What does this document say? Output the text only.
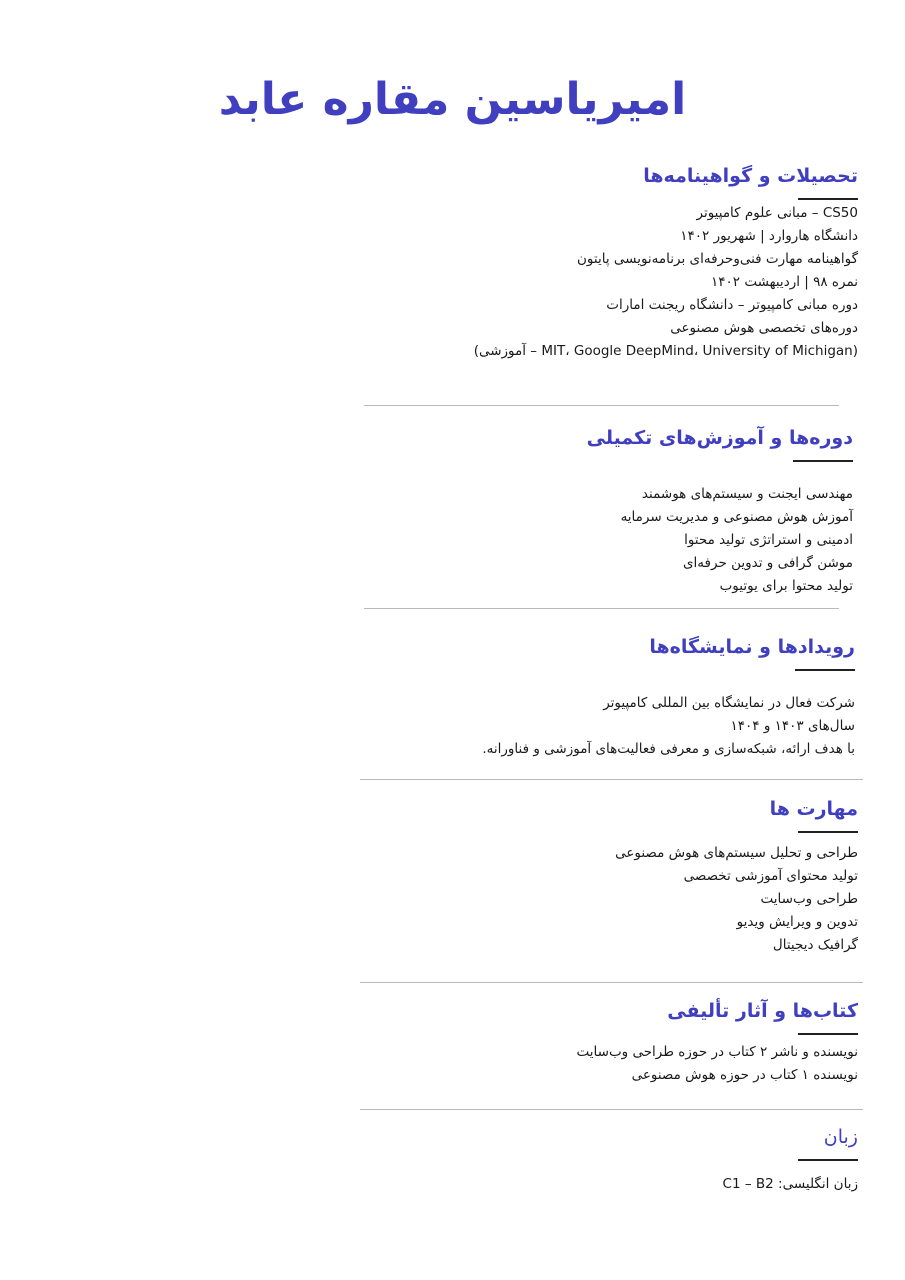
امیریاسین مقاره عابد
تحصیلات و گواهینامه‌ها
CS50 – مبانی علوم کامپیوتر
دانشگاه هاروارد | شهریور ۱۴۰۲
گواهینامه مهارت فنی‌وحرفه‌ای برنامه‌نویسی پایتون
نمره ۹۸ | اردیبهشت ۱۴۰۲
دوره مبانی کامپیوتر – دانشگاه ریجنت امارات
دوره‌های تخصصی هوش مصنوعی
(MIT، Google DeepMind، University of Michigan – آموزشی)
دوره‌ها و آموزش‌های تکمیلی
مهندسی ایجنت و سیستم‌های هوشمند
آموزش هوش مصنوعی و مدیریت سرمایه
ادمینی و استراتژی تولید محتوا
موشن گرافی و تدوین حرفه‌ای
تولید محتوا برای یوتیوب
رویدادها و نمایشگاه‌ها
شرکت فعال در نمایشگاه بین المللی کامپیوتر
سال‌های ۱۴۰۳ و ۱۴۰۴
با هدف ارائه، شبکه‌سازی و معرفی فعالیت‌های آموزشی و فناورانه.
مهارت ها
طراحی و تحلیل سیستم‌های هوش مصنوعی
تولید محتوای آموزشی تخصصی
طراحی وب‌سایت
تدوین و ویرایش ویدیو
گرافیک دیجیتال
کتاب‌ها و آثار تألیفی
نویسنده و ناشر ۲ کتاب در حوزه طراحی وب‌سایت
نویسنده ۱ کتاب در حوزه هوش مصنوعی
زبان
زبان انگلیسی: C1 – B2
